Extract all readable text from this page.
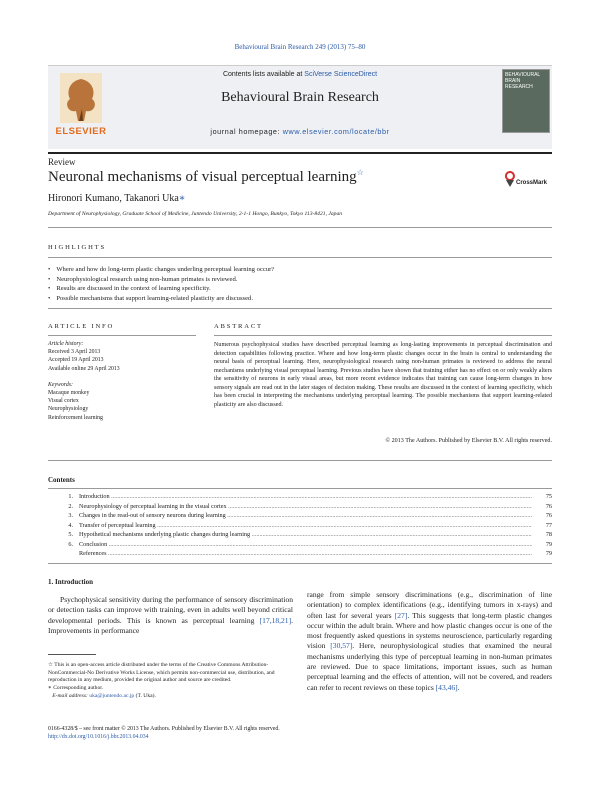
Behavioural Brain Research 249 (2013) 75–80
ELSEVIER
Contents lists available at SciVerse ScienceDirect
Behavioural Brain Research
journal homepage: www.elsevier.com/locate/bbr
BEHAVIOURAL BRAIN RESEARCH
Review
Neuronal mechanisms of visual perceptual learning☆
CrossMark
Hironori Kumano, Takanori Uka∗
Department of Neurophysiology, Graduate School of Medicine, Juntendo University, 2-1-1 Hongo, Bunkyo, Tokyo 113-8421, Japan
HIGHLIGHTS
• Where and how do long-term plastic changes underling perceptual learning occur?
• Neurophysiological research using non-human primates is reviewed.
• Results are discussed in the context of learning specificity.
• Possible mechanisms that support learning-related plasticity are discussed.
ARTICLE INFO
Article history:
Received 3 April 2013
Accepted 19 April 2013
Available online 29 April 2013
Keywords:
Macaque monkey
Visual cortex
Neurophysiology
Reinforcement learning
ABSTRACT
Numerous psychophysical studies have described perceptual learning as long-lasting improvements in perceptual discrimination and detection capabilities following practice. Where and how long-term plastic changes occur in the brain is central to understanding the neural basis of perceptual learning. Here, neurophysiological research using non-human primates is reviewed to address the neural mechanisms underlying visual perceptual learning. Previous studies have shown that training either has no effect on or only weakly alters the sensitivity of neurons in early visual areas, but more recent evidence indicates that training can cause long-term changes in how sensory signals are read out in the later stages of decision making. These results are discussed in the context of learning specificity, which has been crucial in interpreting the mechanisms underlying perceptual learning. The possible mechanisms that support learning-related plasticity are also discussed.
© 2013 The Authors. Published by Elsevier B.V. All rights reserved.
Contents
1. Introduction .....	75
2. Neurophysiology of perceptual learning in the visual cortex .....	76
3. Changes in the read-out of sensory neurons during learning .....	76
4. Transfer of perceptual learning .....	77
5. Hypothetical mechanisms underlying plastic changes during learning .....	78
6. Conclusion .....	79
References .....	79
1. Introduction
Psychophysical sensitivity during the performance of sensory discrimination or detection tasks can improve with training, even in adults well beyond critical developmental periods. This is known as perceptual learning [17,18,21]. Improvements in performance
range from simple sensory discriminations (e.g., discrimination of line orientation) to complex identifications (e.g., identifying tumors in x-rays) and often last for several years [27]. This suggests that long-term plastic changes occur within the adult brain. Where and how plastic changes occur is one of the most frequently asked questions in systems neuroscience, particularly regarding vision [30,57]. Here, neurophysiological studies that examined the neural mechanisms underlying this type of perceptual learning in non-human primates are reviewed. Due to space limitations, important issues, such as human perceptual learning and the effects of attention, will not be covered, and readers can refer to recent reviews on these topics [43,46].
☆ This is an open-access article distributed under the terms of the Creative Commons Attribution-NonCommercial-No Derivative Works License, which permits non-commercial use, distribution, and reproduction in any medium, provided the original author and source are credited.
∗ Corresponding author.
E-mail address: uka@juntendo.ac.jp (T. Uka).
0166-4328/$ – see front matter © 2013 The Authors. Published by Elsevier B.V. All rights reserved.
http://dx.doi.org/10.1016/j.bbr.2013.04.034
